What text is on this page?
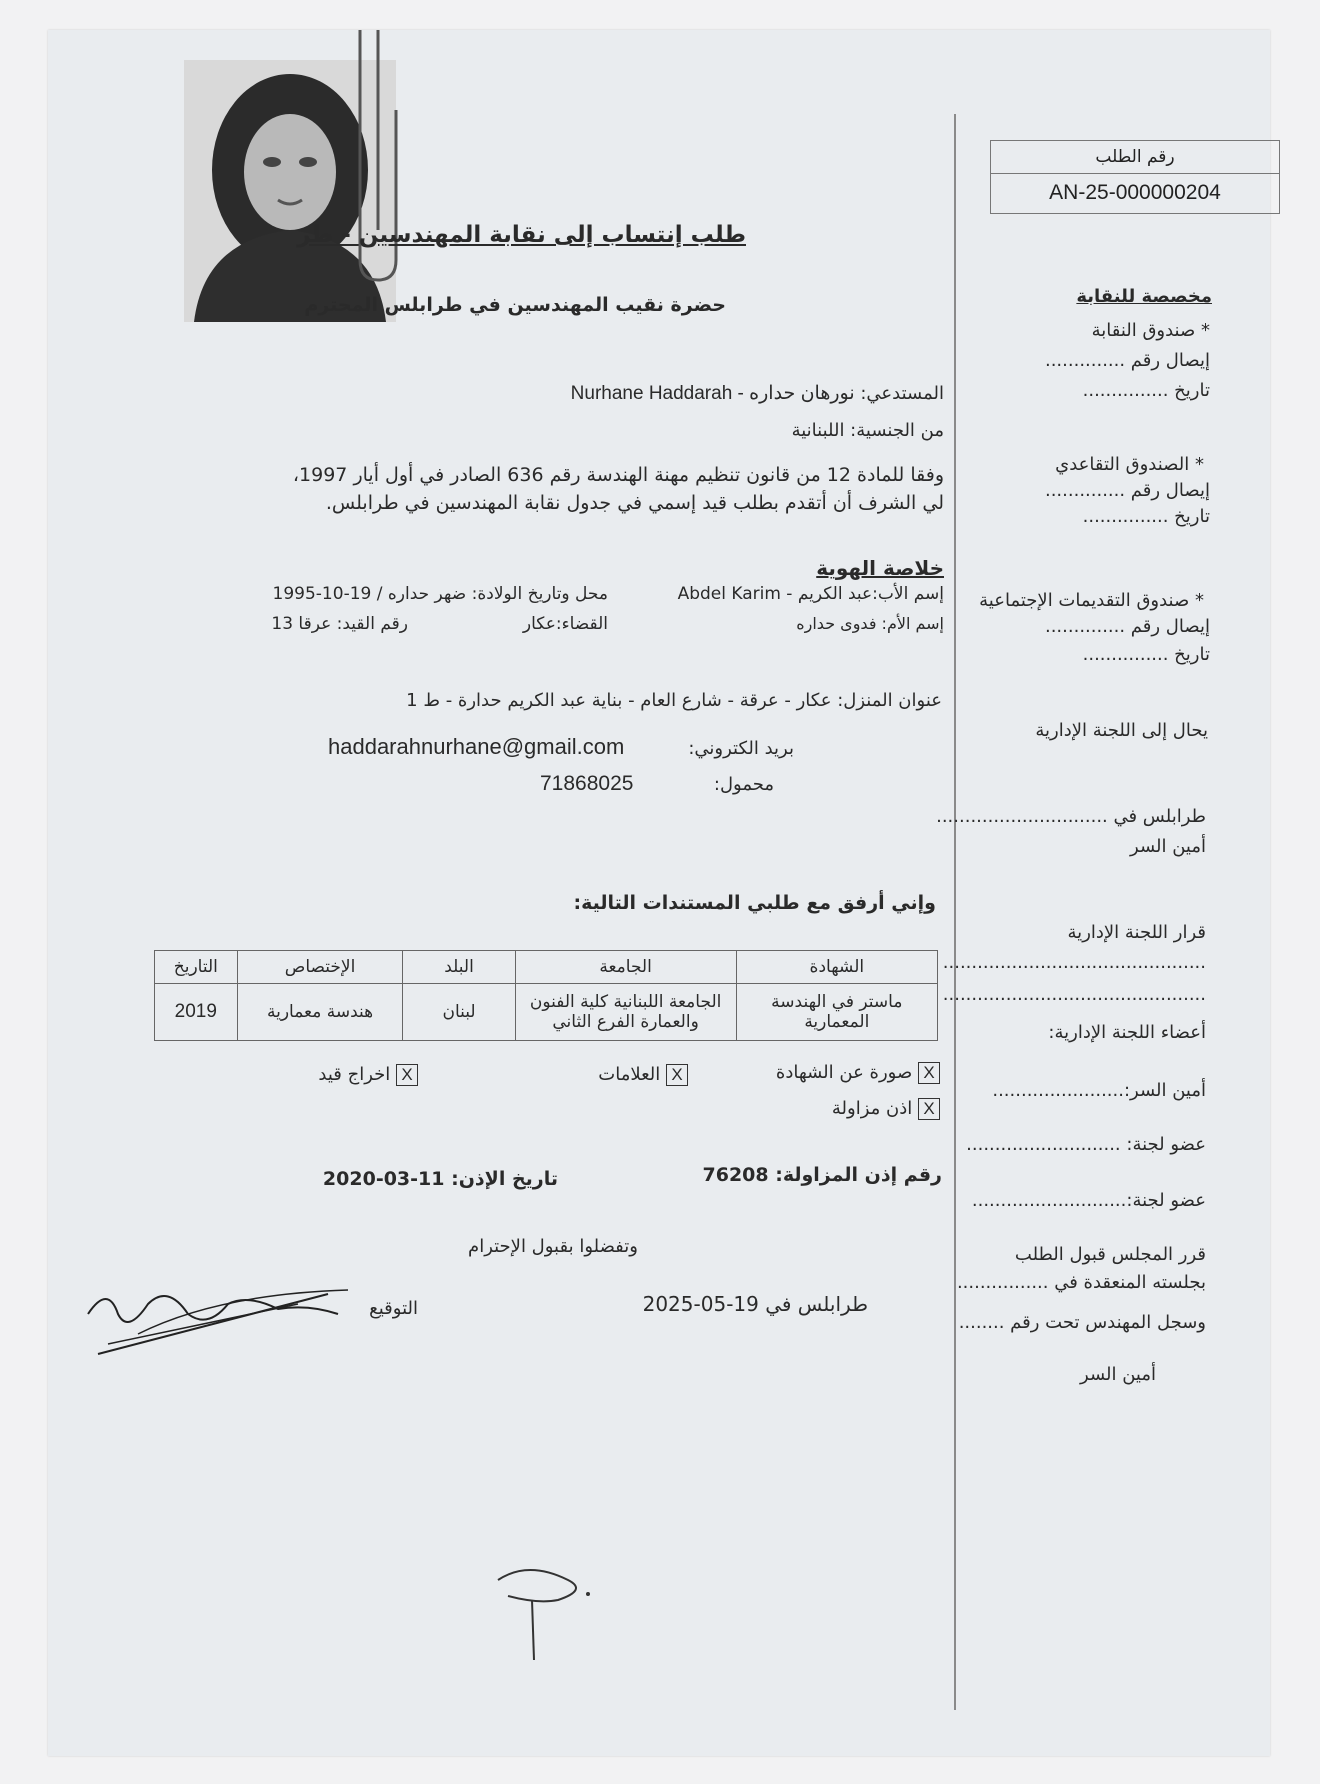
رقم الطلب
AN-25-000000204
طلب إنتساب إلى نقابة المهندسين - طر
حضرة نقيب المهندسين في طرابلس المحترم
المستدعي: نورهان حداره - Nurhane Haddarah
من الجنسية: اللبنانية
وفقا للمادة 12 من قانون تنظيم مهنة الهندسة رقم 636 الصادر في أول أيار 1997،
لي الشرف أن أتقدم بطلب قيد إسمي في جدول نقابة المهندسين في طرابلس.
خلاصة الهوية
إسم الأب:عبد الكريم - Abdel Karim
محل وتاريخ الولادة: ضهر حداره / 19-10-1995
إسم الأم: فدوى حداره
القضاء:عكار
رقم القيد: عرقا 13
عنوان المنزل: عكار - عرقة - شارع العام - بناية عبد الكريم حدارة - ط 1
بريد الكتروني:
haddarahnurhane@gmail.com
محمول:
71868025
وإني أرفق مع طلبي المستندات التالية:
الشهادة	الجامعة	البلد	الإختصاص	التاريخ
ماستر في الهندسة المعمارية	الجامعة اللبنانية كلية الفنون والعمارة الفرع الثاني	لبنان	هندسة معمارية	2019
X صورة عن الشهادة
X العلامات
X اخراج قيد
X اذن مزاولة
رقم إذن المزاولة: 76208
تاريخ الإذن: 11-03-2020
وتفضلوا بقبول الإحترام
طرابلس في 19-05-2025
التوقيع
مخصصة للنقابة
* صندوق النقابة
إيصال رقم ..............
تاريخ ...............
* الصندوق التقاعدي
إيصال رقم ..............
تاريخ ...............
* صندوق التقديمات الإجتماعية
إيصال رقم ..............
تاريخ ...............
يحال إلى اللجنة الإدارية
طرابلس في ..............................
أمين السر
قرار اللجنة الإدارية
..............................................
..............................................
أعضاء اللجنة الإدارية:
أمين السر:.......................
عضو لجنة: ...........................
عضو لجنة:...........................
قرر المجلس قبول الطلب
بجلسته المنعقدة في ................
وسجل المهندس تحت رقم ........
أمين السر
